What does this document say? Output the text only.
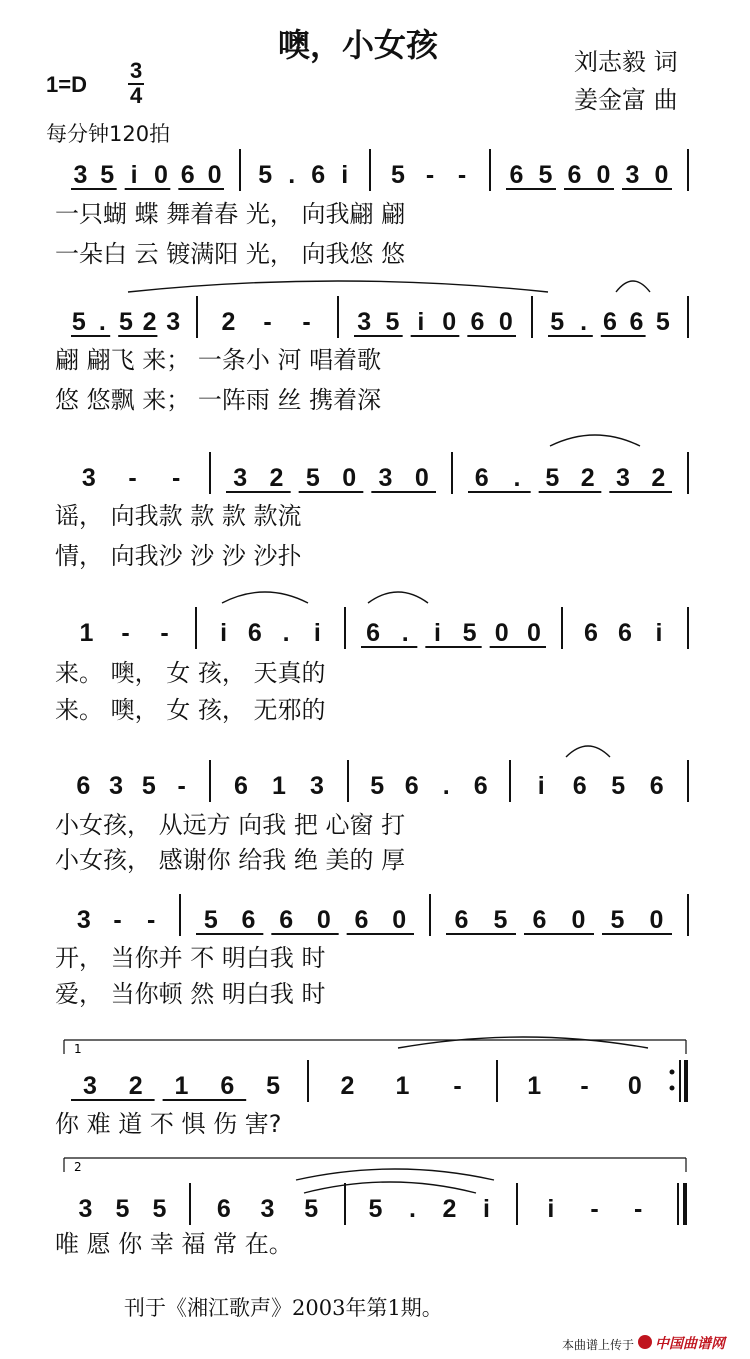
噢，小女孩	刘志毅 词
姜金富 曲
1=D
3
4
每分钟120拍
3 5 i 0 6 0 5 . 6 i 5 - - 6 5 6 0 3 0
一只蝴 蝶 舞着春 光， 向我翩 翩
一朵白 云 镀满阳 光， 向我悠 悠
5 . 5 2 3 2 - - 3 5 i 0 6 0 5 . 6 6 5
翩 翩飞 来； 一条小 河 唱着歌
悠 悠飘 来； 一阵雨 丝 携着深
3 - - 3 2 5 0 3 0 6 . 5 2 3 2
谣， 向我款 款 款 款流
情， 向我沙 沙 沙 沙扑
1 - - i 6 . i 6 . i 5 0 0 6 6 i
来。 噢， 女 孩， 天真的
来。 噢， 女 孩， 无邪的
6 3 5 - 6 1 3 5 6 . 6 i 6 5 6
小女孩， 从远方 向我 把 心窗 打
小女孩， 感谢你 给我 绝 美的 厚
3 - - 5 6 6 0 6 0 6 5 6 0 5 0
开， 当你并 不 明白我 时
爱， 当你顿 然 明白我 时
1
3 2 1 6 5 2 1 -	1 - 0
你 难 道 不 惧 伤 害?
2
3 5 5 6 3 5 5 . 2 i i - -
唯 愿 你 幸 福 常 在。
刊于《湘江歌声》2003年第1期。
本曲谱上传于 中国曲谱网
